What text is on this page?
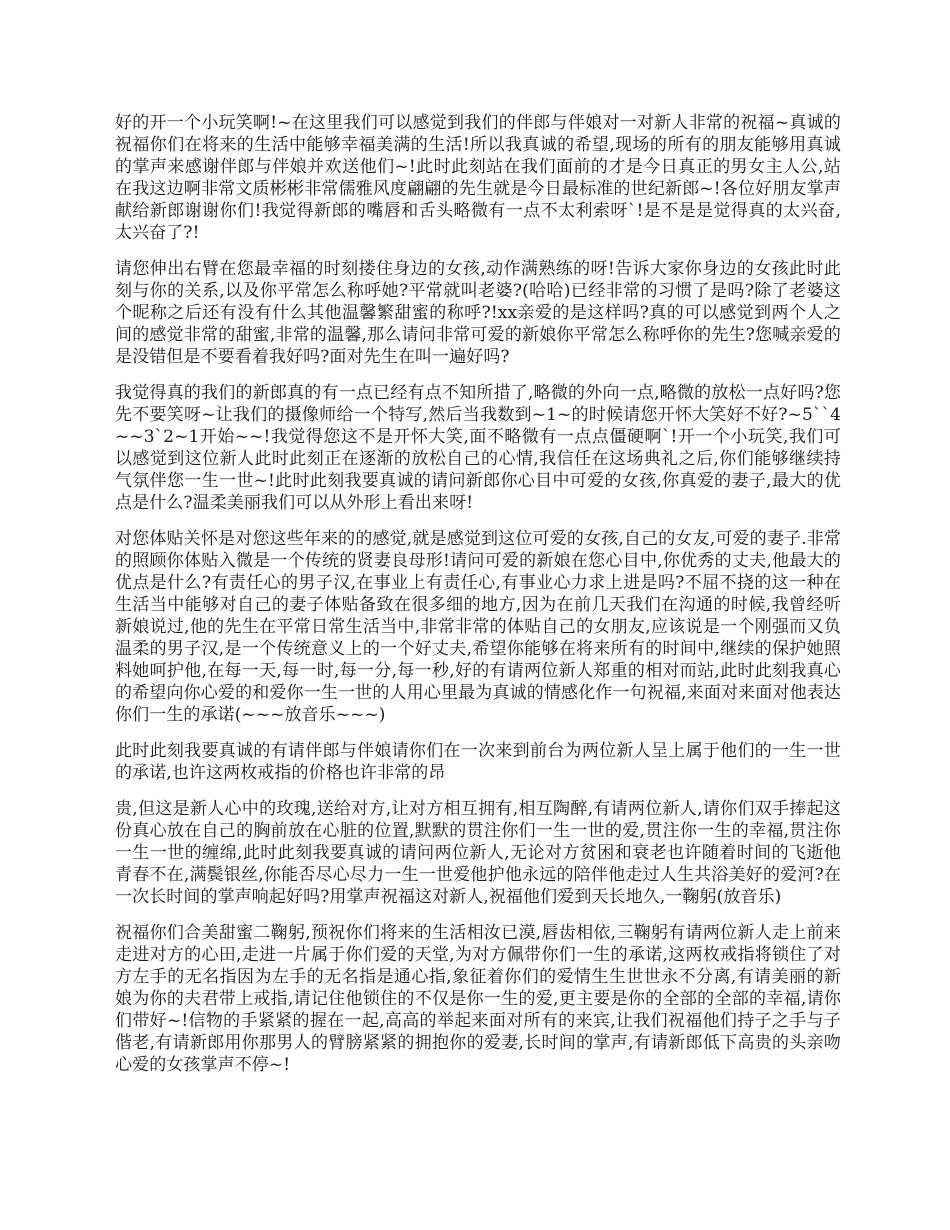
好的开一个小玩笑啊!~在这里我们可以感觉到我们的伴郎与伴娘对一对新人非常的祝福~真诚的祝福你们在将来的生活中能够幸福美满的生活!所以我真诚的希望,现场的所有的朋友能够用真诚的掌声来感谢伴郎与伴娘并欢送他们~!此时此刻站在我们面前的才是今日真正的男女主人公,站在我这边啊非常文质彬彬非常儒雅风度翩翩的先生就是今日最标准的世纪新郎~!各位好朋友掌声献给新郎谢谢你们!我觉得新郎的嘴唇和舌头略微有一点不太利索呀`!是不是是觉得真的太兴奋,太兴奋了?!

请您伸出右臂在您最幸福的时刻搂住身边的女孩,动作满熟练的呀!告诉大家你身边的女孩此时此刻与你的关系,以及你平常怎么称呼她?平常就叫老婆?(哈哈)已经非常的习惯了是吗?除了老婆这个昵称之后还有没有什么其他温馨繁甜蜜的称呼?!xx亲爱的是这样吗?真的可以感觉到两个人之间的感觉非常的甜蜜,非常的温馨,那么请问非常可爱的新娘你平常怎么称呼你的先生?您喊亲爱的是没错但是不要看着我好吗?面对先生在叫一遍好吗?

我觉得真的我们的新郎真的有一点已经有点不知所措了,略微的外向一点,略微的放松一点好吗?您先不要笑呀~让我们的摄像师给一个特写,然后当我数到~1~的时候请您开怀大笑好不好?~5``4~~3`2~1开始~~!我觉得您这不是开怀大笑,面不略微有一点点僵硬啊`!开一个小玩笑,我们可以感觉到这位新人此时此刻正在逐渐的放松自己的心情,我信任在这场典礼之后,你们能够继续持气氛伴您一生一世~!此时此刻我要真诚的请问新郎你心目中可爱的女孩,你真爱的妻子,最大的优点是什么?温柔美丽我们可以从外形上看出来呀!

对您体贴关怀是对您这些年来的的感觉,就是感觉到这位可爱的女孩,自己的女友,可爱的妻子.非常的照顾你体贴入微是一个传统的贤妻良母形!请问可爱的新娘在您心目中,你优秀的丈夫,他最大的优点是什么?有责任心的男子汉,在事业上有责任心,有事业心力求上进是吗?不屈不挠的这一种在生活当中能够对自己的妻子体贴备致在很多细的地方,因为在前几天我们在沟通的时候,我曾经听新娘说过,他的先生在平常日常生活当中,非常非常的体贴自己的女朋友,应该说是一个刚强而又负温柔的男子汉,是一个传统意义上的一个好丈夫,希望你能够在将来所有的时间中,继续的保护她照料她呵护他,在每一天,每一时,每一分,每一秒,好的有请两位新人郑重的相对而站,此时此刻我真心的希望向你心爱的和爱你一生一世的人用心里最为真诚的情感化作一句祝福,来面对来面对他表达你们一生的承诺(~~~放音乐~~~)

此时此刻我要真诚的有请伴郎与伴娘请你们在一次来到前台为两位新人呈上属于他们的一生一世的承诺,也许这两枚戒指的价格也许非常的昂

贵,但这是新人心中的玫瑰,送给对方,让对方相互拥有,相互陶醉,有请两位新人,请你们双手捧起这份真心放在自己的胸前放在心脏的位置,默默的贯注你们一生一世的爱,贯注你一生的幸福,贯注你一生一世的缠绵,此时此刻我要真诚的请问两位新人,无论对方贫困和衰老也许随着时间的飞逝他青春不在,满鬓银丝,你能否尽心尽力一生一世爱他护他永远的陪伴他走过人生共浴美好的爱河?在一次长时间的掌声响起好吗?用掌声祝福这对新人,祝福他们爱到天长地久,一鞠躬(放音乐)

祝福你们合美甜蜜二鞠躬,预祝你们将来的生活相汝已漠,唇齿相依,三鞠躬有请两位新人走上前来走进对方的心田,走进一片属于你们爱的天堂,为对方佩带你们一生的承诺,这两枚戒指将锁住了对方左手的无名指因为左手的无名指是通心指,象征着你们的爱情生生世世永不分离,有请美丽的新娘为你的夫君带上戒指,请记住他锁住的不仅是你一生的爱,更主要是你的全部的全部的幸福,请你们带好~!信物的手紧紧的握在一起,高高的举起来面对所有的来宾,让我们祝福他们持子之手与子偕老,有请新郎用你那男人的臂膀紧紧的拥抱你的爱妻,长时间的掌声,有请新郎低下高贵的头亲吻心爱的女孩掌声不停~!
